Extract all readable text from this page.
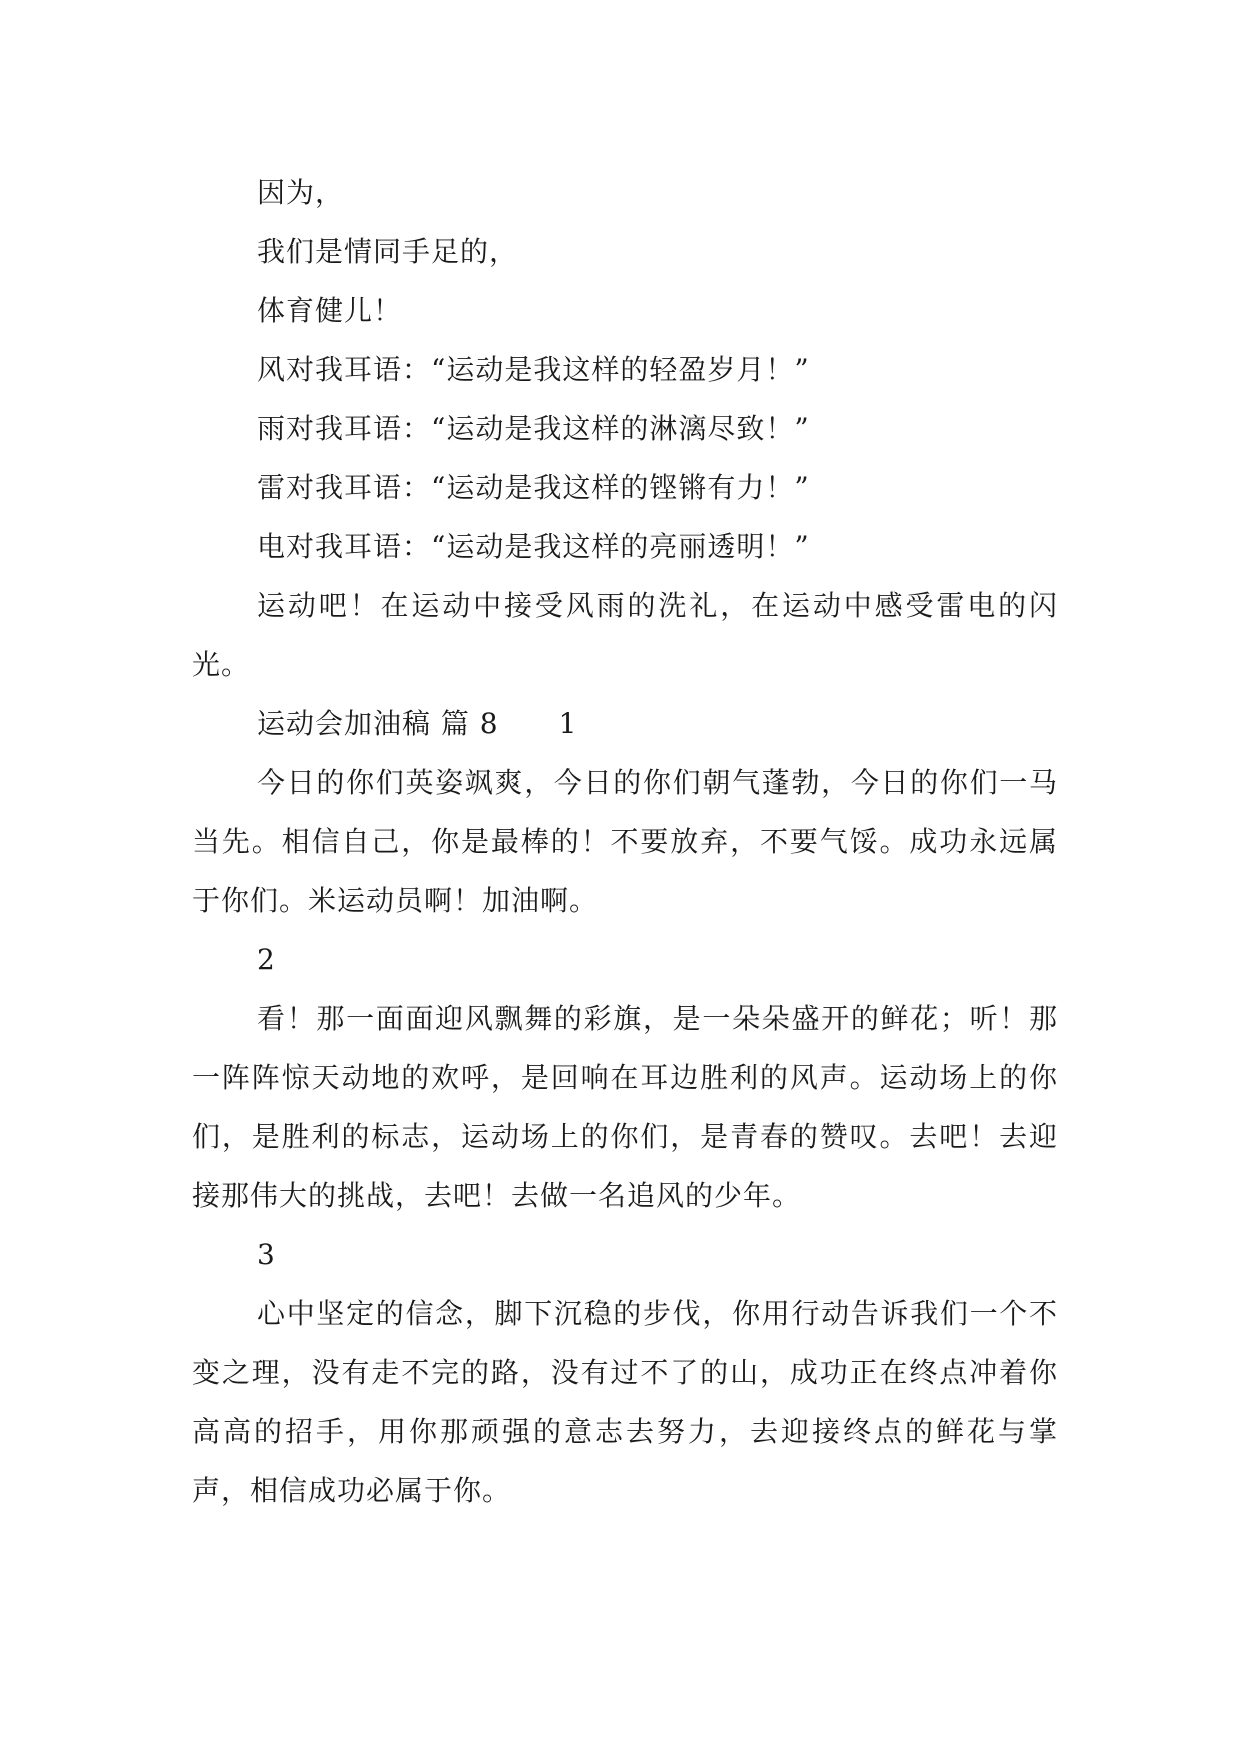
因为，
我们是情同手足的，
体育健儿！
风对我耳语：“运动是我这样的轻盈岁月！”
雨对我耳语：“运动是我这样的淋漓尽致！”
雷对我耳语：“运动是我这样的铿锵有力！”
电对我耳语：“运动是我这样的亮丽透明！”
运动吧！在运动中接受风雨的洗礼，在运动中感受雷电的闪光。
运动会加油稿 篇 8 1
今日的你们英姿飒爽，今日的你们朝气蓬勃，今日的你们一马当先。相信自己，你是最棒的！不要放弃，不要气馁。成功永远属于你们。米运动员啊！加油啊。
2
看！那一面面迎风飘舞的彩旗，是一朵朵盛开的鲜花；听！那一阵阵惊天动地的欢呼，是回响在耳边胜利的风声。运动场上的你们，是胜利的标志，运动场上的你们，是青春的赞叹。去吧！去迎接那伟大的挑战，去吧！去做一名追风的少年。
3
心中坚定的信念，脚下沉稳的步伐，你用行动告诉我们一个不变之理，没有走不完的路，没有过不了的山，成功正在终点冲着你高高的招手，用你那顽强的意志去努力，去迎接终点的鲜花与掌声，相信成功必属于你。
